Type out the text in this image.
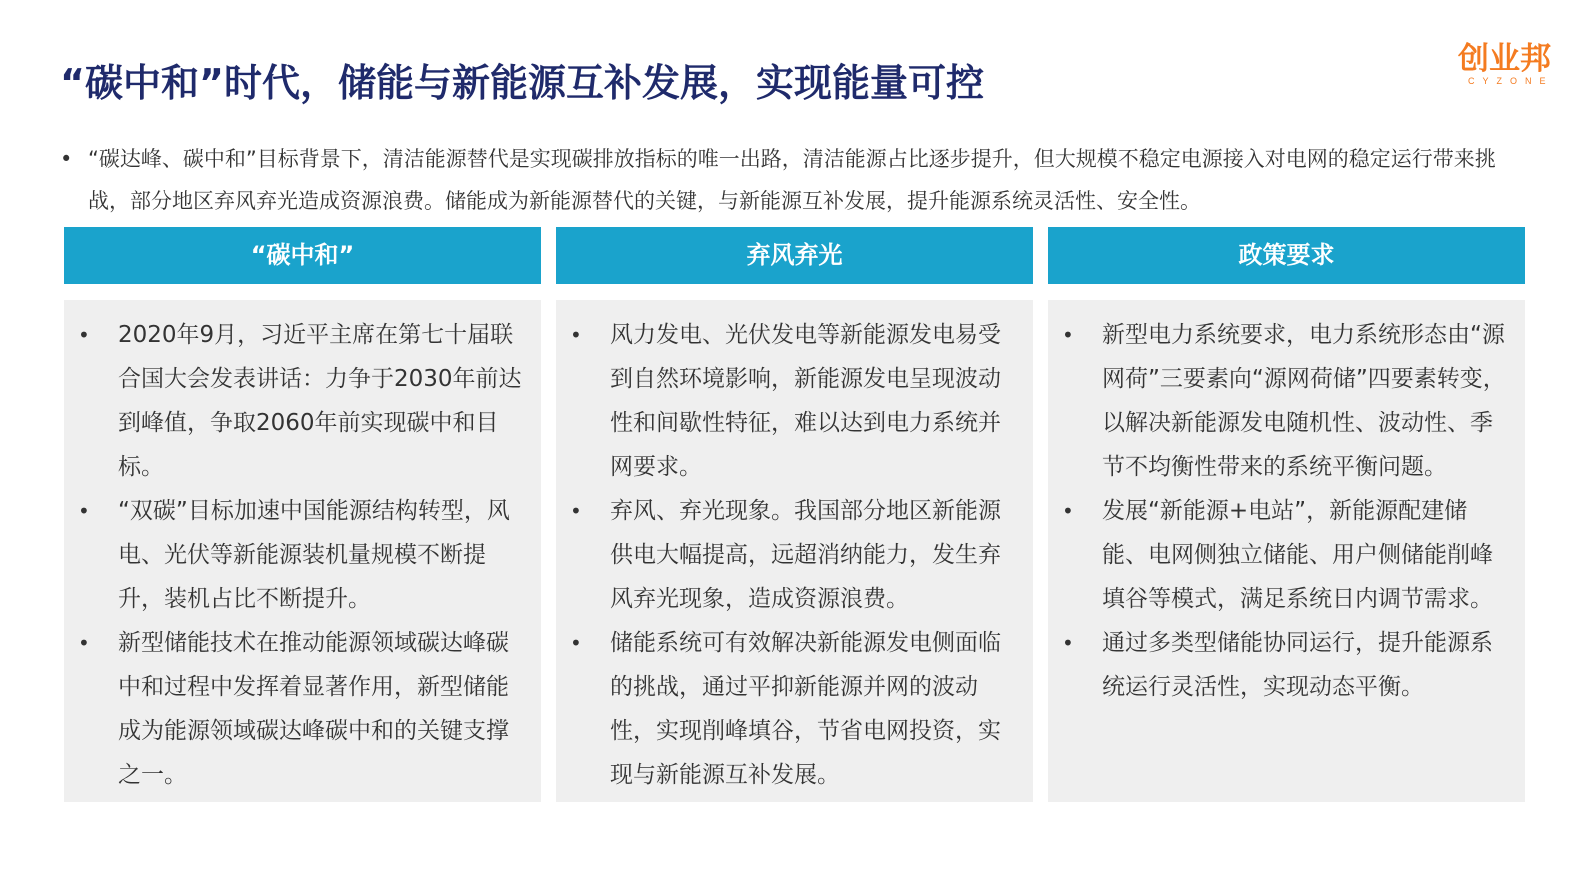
“碳中和”时代，储能与新能源互补发展，实现能量可控
创业邦
CYZONE
• “碳达峰、碳中和”目标背景下，清洁能源替代是实现碳排放指标的唯一出路，清洁能源占比逐步提升，但大规模不稳定电源接入对电网的稳定运行带来挑战，部分地区弃风弃光造成资源浪费。储能成为新能源替代的关键，与新能源互补发展，提升能源系统灵活性、安全性。
“碳中和”
• 2020年9月，习近平主席在第七十届联合国大会发表讲话：力争于2030年前达到峰值，争取2060年前实现碳中和目标。
• “双碳”目标加速中国能源结构转型，风电、光伏等新能源装机量规模不断提升，装机占比不断提升。
• 新型储能技术在推动能源领域碳达峰碳中和过程中发挥着显著作用，新型储能成为能源领域碳达峰碳中和的关键支撑之一。
弃风弃光
• 风力发电、光伏发电等新能源发电易受到自然环境影响，新能源发电呈现波动性和间歇性特征，难以达到电力系统并网要求。
• 弃风、弃光现象。我国部分地区新能源供电大幅提高，远超消纳能力，发生弃风弃光现象，造成资源浪费。
• 储能系统可有效解决新能源发电侧面临的挑战，通过平抑新能源并网的波动性，实现削峰填谷，节省电网投资，实现与新能源互补发展。
政策要求
• 新型电力系统要求，电力系统形态由“源网荷”三要素向“源网荷储”四要素转变，以解决新能源发电随机性、波动性、季节不均衡性带来的系统平衡问题。
• 发展“新能源+电站”，新能源配建储能、电网侧独立储能、用户侧储能削峰填谷等模式，满足系统日内调节需求。
• 通过多类型储能协同运行，提升能源系统运行灵活性，实现动态平衡。
